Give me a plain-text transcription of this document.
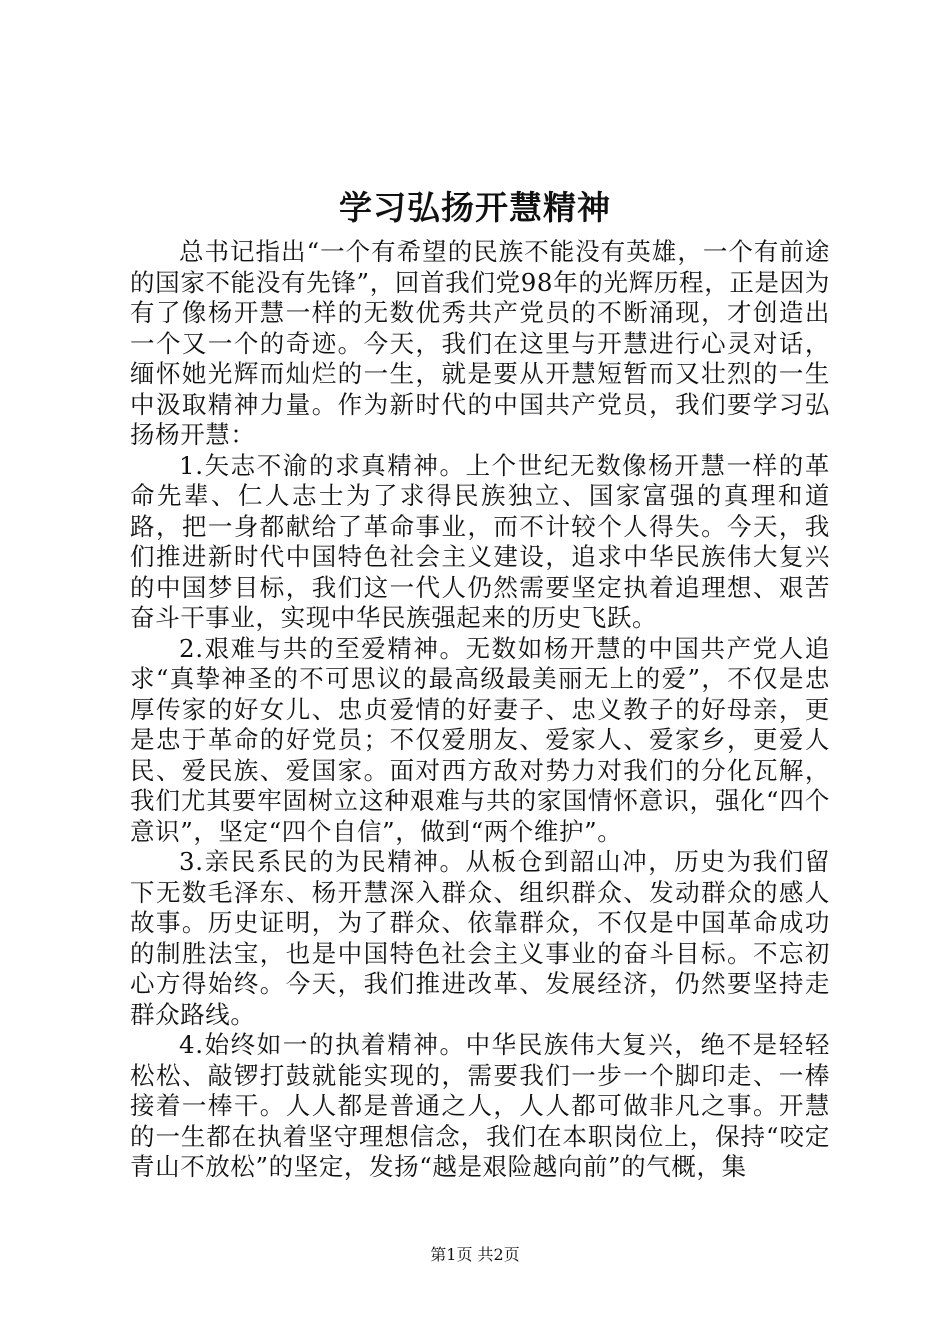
学习弘扬开慧精神

总书记指出“一个有希望的民族不能没有英雄，一个有前途的国家不能没有先锋”，回首我们党98年的光辉历程，正是因为有了像杨开慧一样的无数优秀共产党员的不断涌现，才创造出一个又一个的奇迹。今天，我们在这里与开慧进行心灵对话，缅怀她光辉而灿烂的一生，就是要从开慧短暂而又壮烈的一生中汲取精神力量。作为新时代的中国共产党员，我们要学习弘扬杨开慧：

1.矢志不渝的求真精神。上个世纪无数像杨开慧一样的革命先辈、仁人志士为了求得民族独立、国家富强的真理和道路，把一身都献给了革命事业，而不计较个人得失。今天，我们推进新时代中国特色社会主义建设，追求中华民族伟大复兴的中国梦目标，我们这一代人仍然需要坚定执着追理想、艰苦奋斗干事业，实现中华民族强起来的历史飞跃。

2.艰难与共的至爱精神。无数如杨开慧的中国共产党人追求“真挚神圣的不可思议的最高级最美丽无上的爱”，不仅是忠厚传家的好女儿、忠贞爱情的好妻子、忠义教子的好母亲，更是忠于革命的好党员；不仅爱朋友、爱家人、爱家乡，更爱人民、爱民族、爱国家。面对西方敌对势力对我们的分化瓦解，我们尤其要牢固树立这种艰难与共的家国情怀意识，强化“四个意识”，坚定“四个自信”，做到“两个维护”。

3.亲民系民的为民精神。从板仓到韶山冲，历史为我们留下无数毛泽东、杨开慧深入群众、组织群众、发动群众的感人故事。历史证明，为了群众、依靠群众，不仅是中国革命成功的制胜法宝，也是中国特色社会主义事业的奋斗目标。不忘初心方得始终。今天，我们推进改革、发展经济，仍然要坚持走群众路线。

4.始终如一的执着精神。中华民族伟大复兴，绝不是轻轻松松、敲锣打鼓就能实现的，需要我们一步一个脚印走、一棒接着一棒干。人人都是普通之人，人人都可做非凡之事。开慧的一生都在执着坚守理想信念，我们在本职岗位上，保持“咬定青山不放松”的坚定，发扬“越是艰险越向前”的气概，集

第1页 共2页
